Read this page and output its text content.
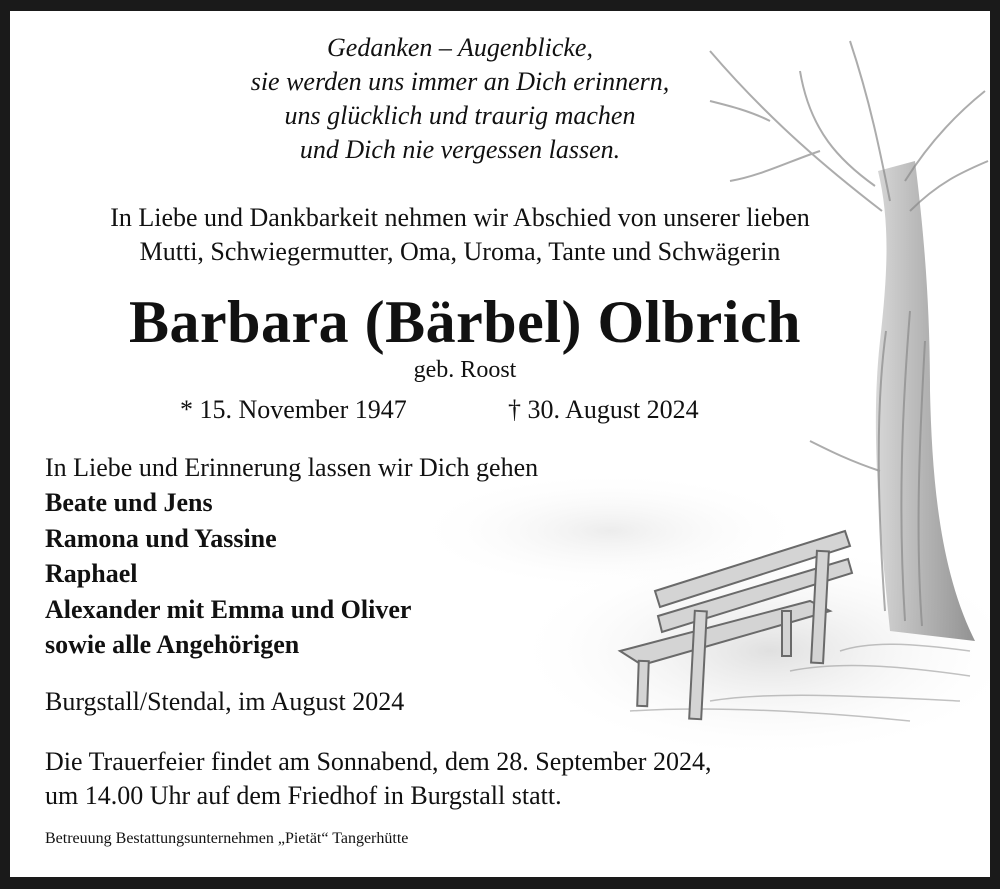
Gedanken – Augenblicke,
sie werden uns immer an Dich erinnern,
uns glücklich und traurig machen
und Dich nie vergessen lassen.
In Liebe und Dankbarkeit nehmen wir Abschied von unserer lieben
Mutti, Schwiegermutter, Oma, Uroma, Tante und Schwägerin
Barbara (Bärbel) Olbrich
geb. Roost
* 15. November 1947	† 30. August 2024
In Liebe und Erinnerung lassen wir Dich gehen
Beate und Jens
Ramona und Yassine
Raphael
Alexander mit Emma und Oliver
sowie alle Angehörigen
Burgstall/Stendal, im August 2024
Die Trauerfeier findet am Sonnabend, dem 28. September 2024,
um 14.00 Uhr auf dem Friedhof in Burgstall statt.
Betreuung Bestattungsunternehmen „Pietät“ Tangerhütte
